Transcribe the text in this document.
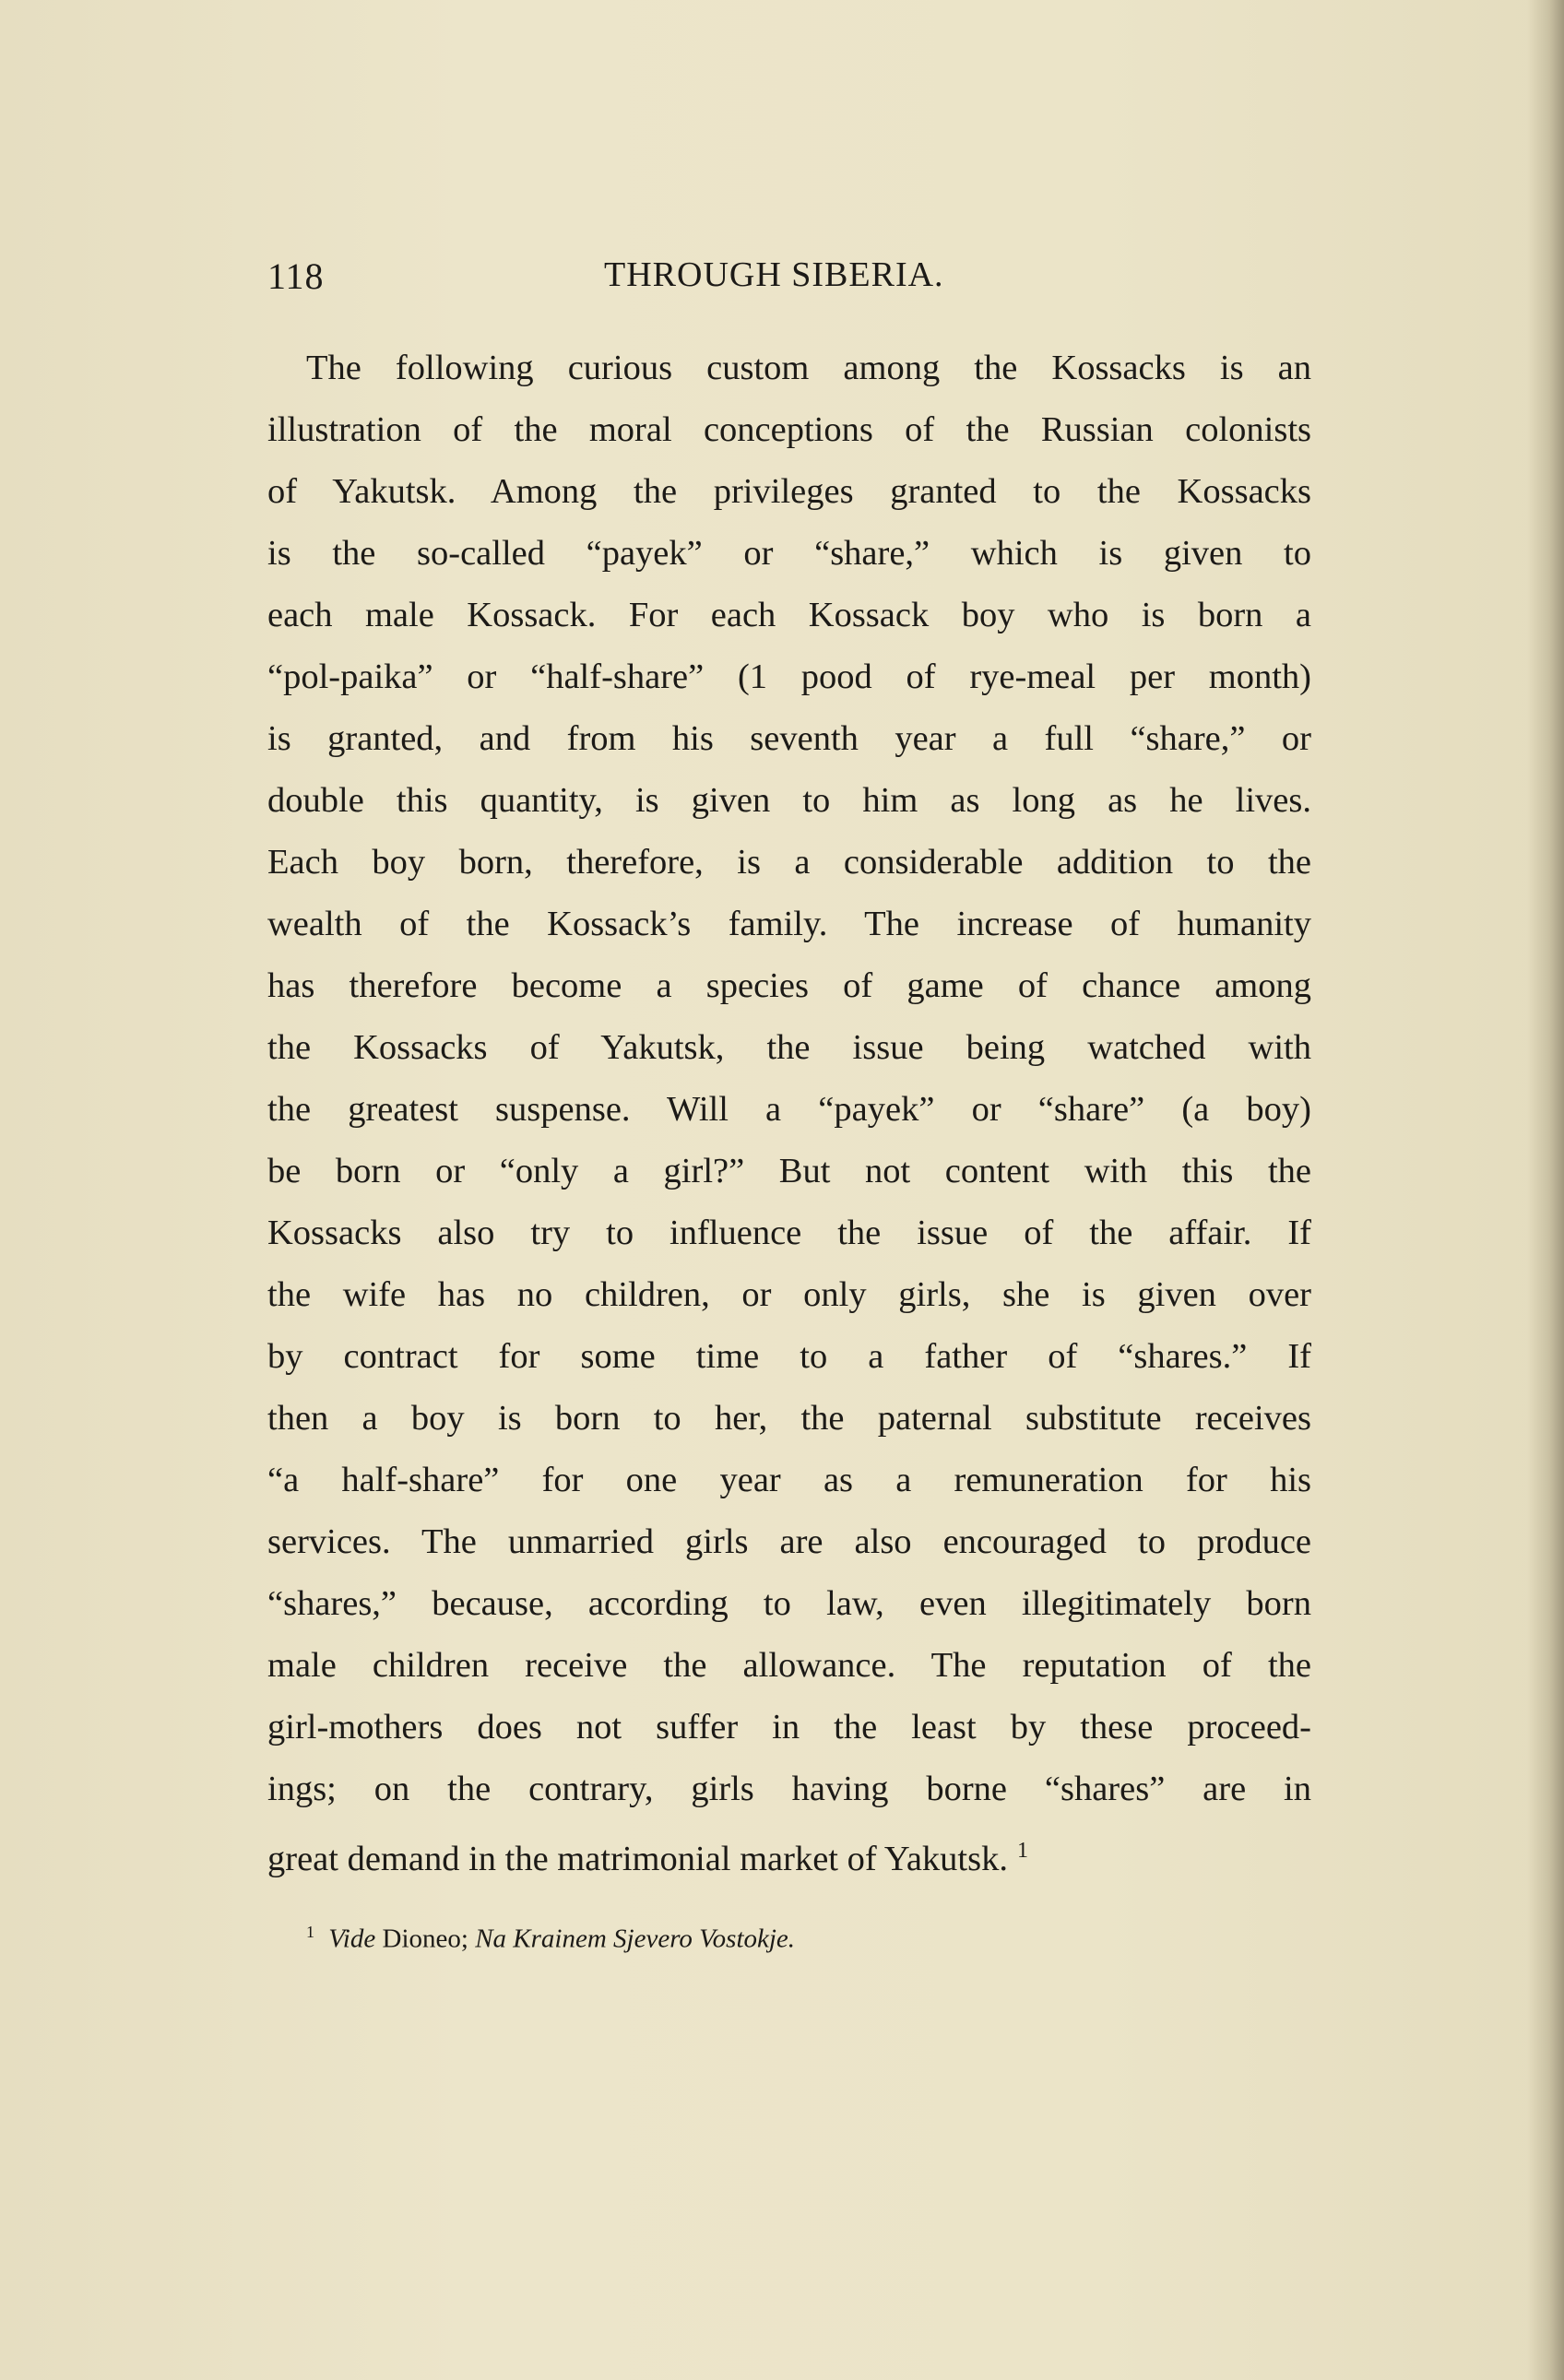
118	THROUGH SIBERIA.
The following curious custom among the Kossacks is an
illustration of the moral conceptions of the Russian colonists
of Yakutsk. Among the privileges granted to the Kossacks
is the so-called “payek” or “share,” which is given to
each male Kossack. For each Kossack boy who is born a
“pol-paika” or “half-share” (1 pood of rye-meal per month)
is granted, and from his seventh year a full “share,” or
double this quantity, is given to him as long as he lives.
Each boy born, therefore, is a considerable addition to the
wealth of the Kossack’s family. The increase of humanity
has therefore become a species of game of chance among
the Kossacks of Yakutsk, the issue being watched with
the greatest suspense. Will a “payek” or “share” (a boy)
be born or “only a girl?” But not content with this the
Kossacks also try to influence the issue of the affair. If
the wife has no children, or only girls, she is given over
by contract for some time to a father of “shares.” If
then a boy is born to her, the paternal substitute receives
“a half-share” for one year as a remuneration for his
services. The unmarried girls are also encouraged to produce
“shares,” because, according to law, even illegitimately born
male children receive the allowance. The reputation of the
girl-mothers does not suffer in the least by these proceed-
ings; on the contrary, girls having borne “shares” are in
great demand in the matrimonial market of Yakutsk. $^1$
$^1$ Vide Dioneo; Na Krainem Sjevero Vostokje.
